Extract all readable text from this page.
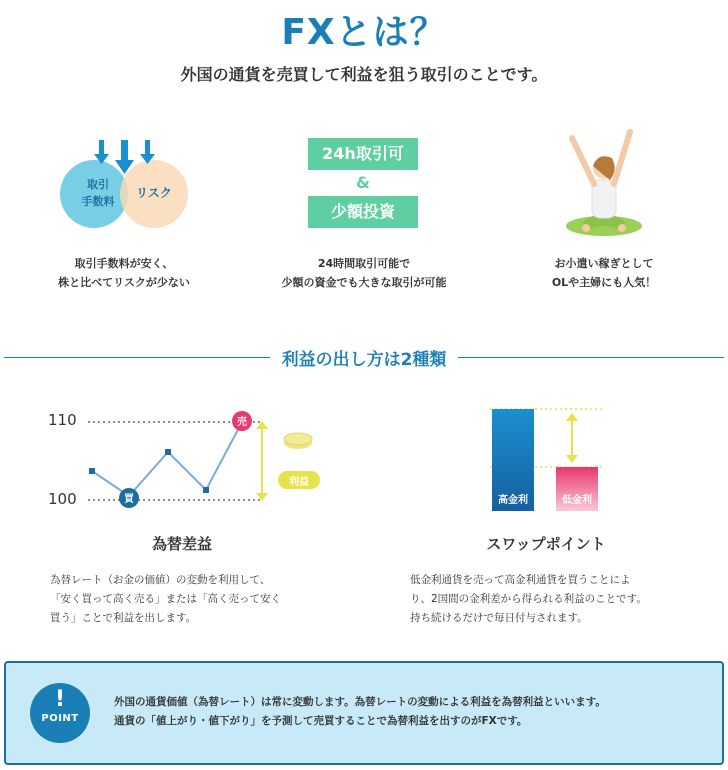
FXとは？
外国の通貨を売買して利益を狙う取引のことです。
取引
手数料
リスク
取引手数料が安く、
株と比べてリスクが少ない
24h取引可
&
少額投資
24時間取引可能で
少額の資金でも大きな取引が可能
お小遣い稼ぎとして
OLや主婦にも人気！
利益の出し方は2種類
110
100	買
売
利益
為替差益
為替レート（お金の価値）の変動を利用して、
「安く買って高く売る」または「高く売って安く
買う」ことで利益を出します。
高金利	低金利
スワップポイント
低金利通貨を売って高金利通貨を買うことによ
り、2国間の金利差から得られる利益のことです。
持ち続けるだけで毎日付与されます。
!
POINT
外国の通貨価値（為替レート）は常に変動します。為替レートの変動による利益を為替利益といいます。
通貨の「値上がり・値下がり」を予測して売買することで為替利益を出すのがFXです。
